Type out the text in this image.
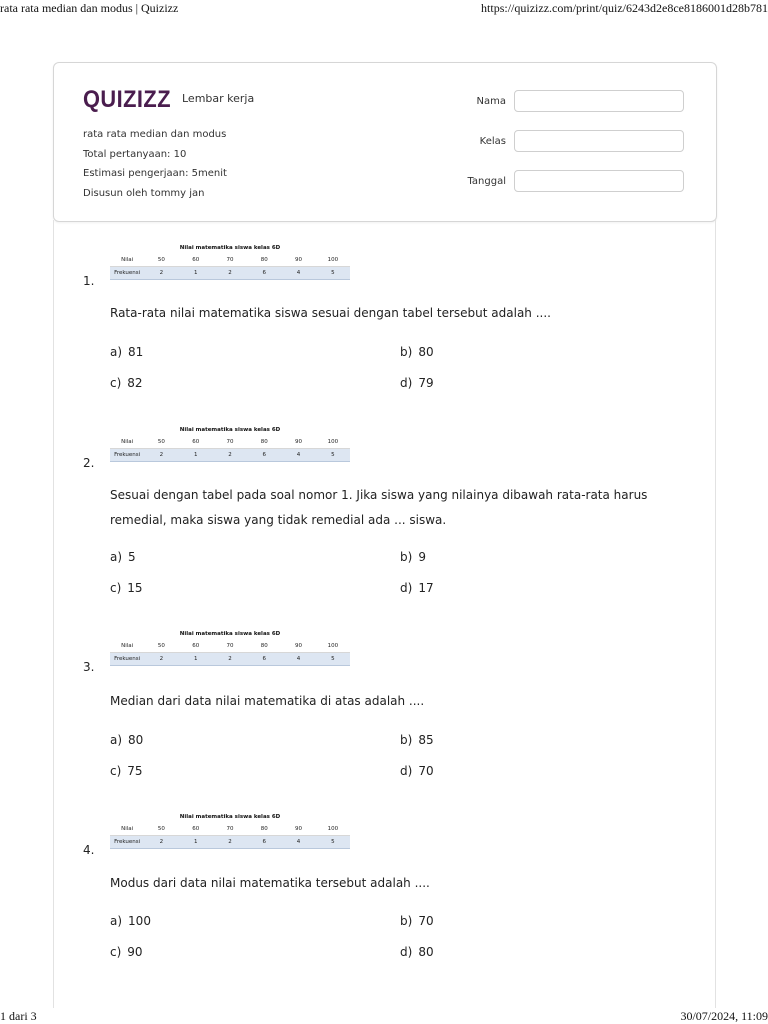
rata rata median dan modus | Quizizz	https://quizizz.com/print/quiz/6243d2e8ce8186001d28b781
QUIZIZZ Lembar kerja
rata rata median dan modus
Total pertanyaan: 10
Estimasi pengerjaan: 5menit
Disusun oleh tommy jan
Nama
Kelas
Tanggal
1.
Nilai matematika siswa kelas 6D
Nilai	50	60	70	80	90	100
Frekuensi	2	1	2	6	4	5
Rata-rata nilai matematika siswa sesuai dengan tabel tersebut adalah ....
a) 81	b) 80
c) 82	d) 79
2.
Nilai matematika siswa kelas 6D
Nilai	50	60	70	80	90	100
Frekuensi	2	1	2	6	4	5
Sesuai dengan tabel pada soal nomor 1. Jika siswa yang nilainya dibawah rata-rata harus remedial, maka siswa yang tidak remedial ada ... siswa.
a) 5	b) 9
c) 15	d) 17
3.
Nilai matematika siswa kelas 6D
Nilai	50	60	70	80	90	100
Frekuensi	2	1	2	6	4	5
Median dari data nilai matematika di atas adalah ....
a) 80	b) 85
c) 75	d) 70
4.
Nilai matematika siswa kelas 6D
Nilai	50	60	70	80	90	100
Frekuensi	2	1	2	6	4	5
Modus dari data nilai matematika tersebut adalah ....
a) 100	b) 70
c) 90	d) 80
1 dari 3	30/07/2024, 11:09
